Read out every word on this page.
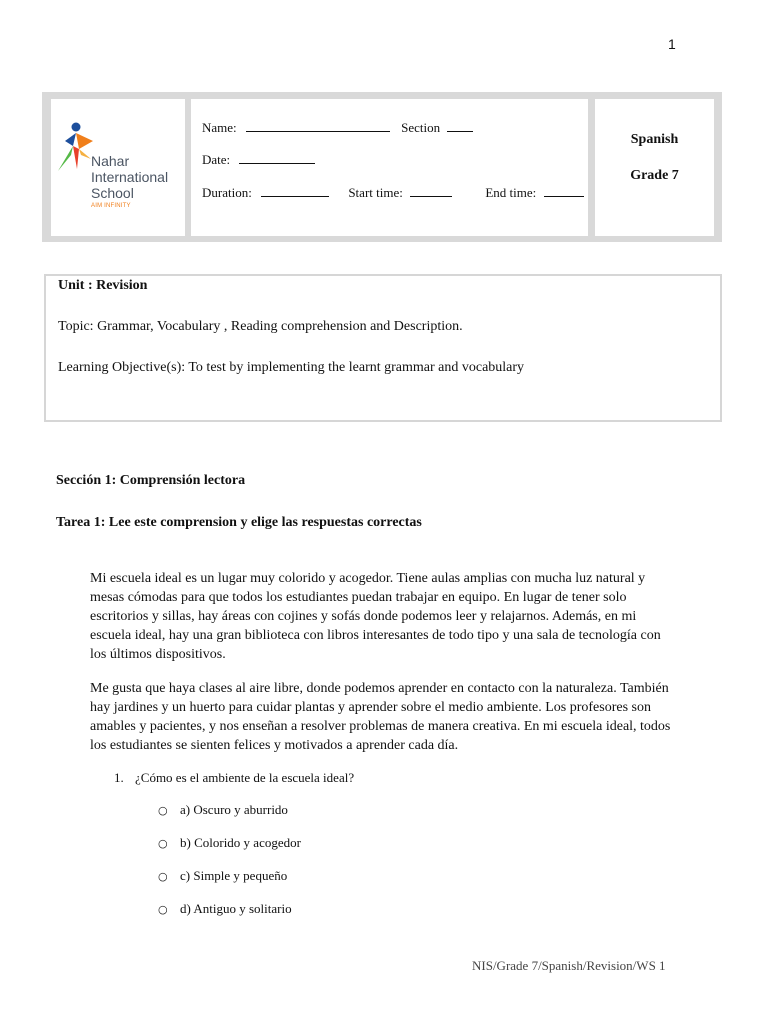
1
Nahar
International
School
AIM INFINITY
Name:	Section
Date:
Duration:	Start time:	End time:
Spanish
Grade 7
Unit : Revision
Topic: Grammar, Vocabulary , Reading comprehension and Description.
Learning Objective(s): To test by implementing the learnt grammar and vocabulary
Sección 1: Comprensión lectora
Tarea 1: Lee este comprension y elige las respuestas correctas
Mi escuela ideal es un lugar muy colorido y acogedor. Tiene aulas amplias con mucha luz natural y mesas cómodas para que todos los estudiantes puedan trabajar en equipo. En lugar de tener solo escritorios y sillas, hay áreas con cojines y sofás donde podemos leer y relajarnos. Además, en mi escuela ideal, hay una gran biblioteca con libros interesantes de todo tipo y una sala de tecnología con los últimos dispositivos.
Me gusta que haya clases al aire libre, donde podemos aprender en contacto con la naturaleza. También hay jardines y un huerto para cuidar plantas y aprender sobre el medio ambiente. Los profesores son amables y pacientes, y nos enseñan a resolver problemas de manera creativa. En mi escuela ideal, todos los estudiantes se sienten felices y motivados a aprender cada día.
1. ¿Cómo es el ambiente de la escuela ideal?
○ a) Oscuro y aburrido
○ b) Colorido y acogedor
○ c) Simple y pequeño
○ d) Antiguo y solitario
NIS/Grade 7/Spanish/Revision/WS 1
